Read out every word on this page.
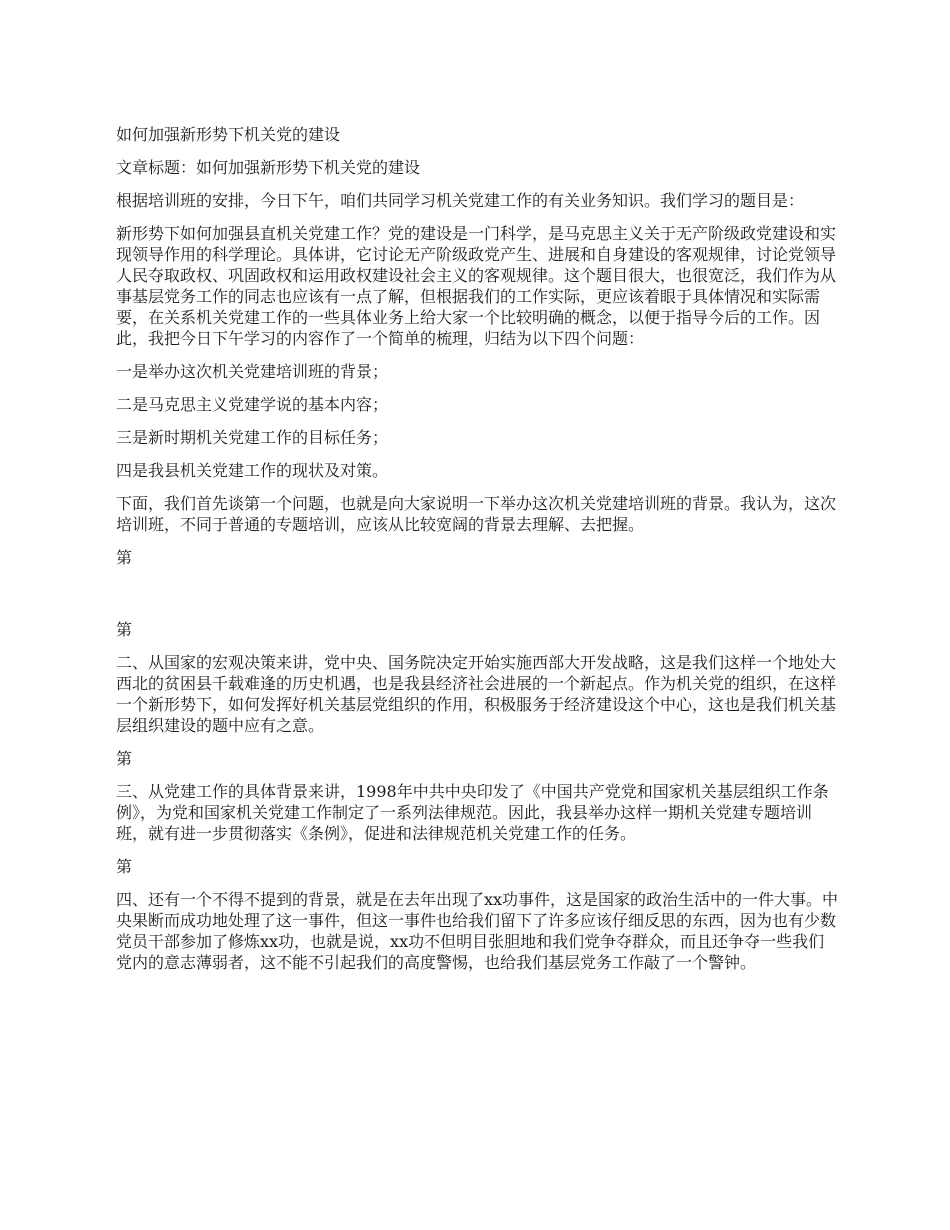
如何加强新形势下机关党的建设

文章标题：如何加强新形势下机关党的建设

根据培训班的安排，今日下午，咱们共同学习机关党建工作的有关业务知识。我们学习的题目是：

新形势下如何加强县直机关党建工作？党的建设是一门科学，是马克思主义关于无产阶级政党建设和实现领导作用的科学理论。具体讲，它讨论无产阶级政党产生、进展和自身建设的客观规律，讨论党领导人民夺取政权、巩固政权和运用政权建设社会主义的客观规律。这个题目很大，也很宽泛，我们作为从事基层党务工作的同志也应该有一点了解，但根据我们的工作实际，更应该着眼于具体情况和实际需要，在关系机关党建工作的一些具体业务上给大家一个比较明确的概念，以便于指导今后的工作。因此，我把今日下午学习的内容作了一个简单的梳理，归结为以下四个问题：

一是举办这次机关党建培训班的背景；

二是马克思主义党建学说的基本内容；

三是新时期机关党建工作的目标任务；

四是我县机关党建工作的现状及对策。

下面，我们首先谈第一个问题，也就是向大家说明一下举办这次机关党建培训班的背景。我认为，这次培训班，不同于普通的专题培训，应该从比较宽阔的背景去理解、去把握。

第

第

二、从国家的宏观决策来讲，党中央、国务院决定开始实施西部大开发战略，这是我们这样一个地处大西北的贫困县千载难逢的历史机遇，也是我县经济社会进展的一个新起点。作为机关党的组织，在这样一个新形势下，如何发挥好机关基层党组织的作用，积极服务于经济建设这个中心，这也是我们机关基层组织建设的题中应有之意。

第

三、从党建工作的具体背景来讲，1998年中共中央印发了《中国共产党党和国家机关基层组织工作条例》，为党和国家机关党建工作制定了一系列法律规范。因此，我县举办这样一期机关党建专题培训班，就有进一步贯彻落实《条例》，促进和法律规范机关党建工作的任务。

第

四、还有一个不得不提到的背景，就是在去年出现了xx功事件，这是国家的政治生活中的一件大事。中央果断而成功地处理了这一事件，但这一事件也给我们留下了许多应该仔细反思的东西，因为也有少数党员干部参加了修炼xx功，也就是说，xx功不但明目张胆地和我们党争夺群众，而且还争夺一些我们党内的意志薄弱者，这不能不引起我们的高度警惕，也给我们基层党务工作敲了一个警钟。
